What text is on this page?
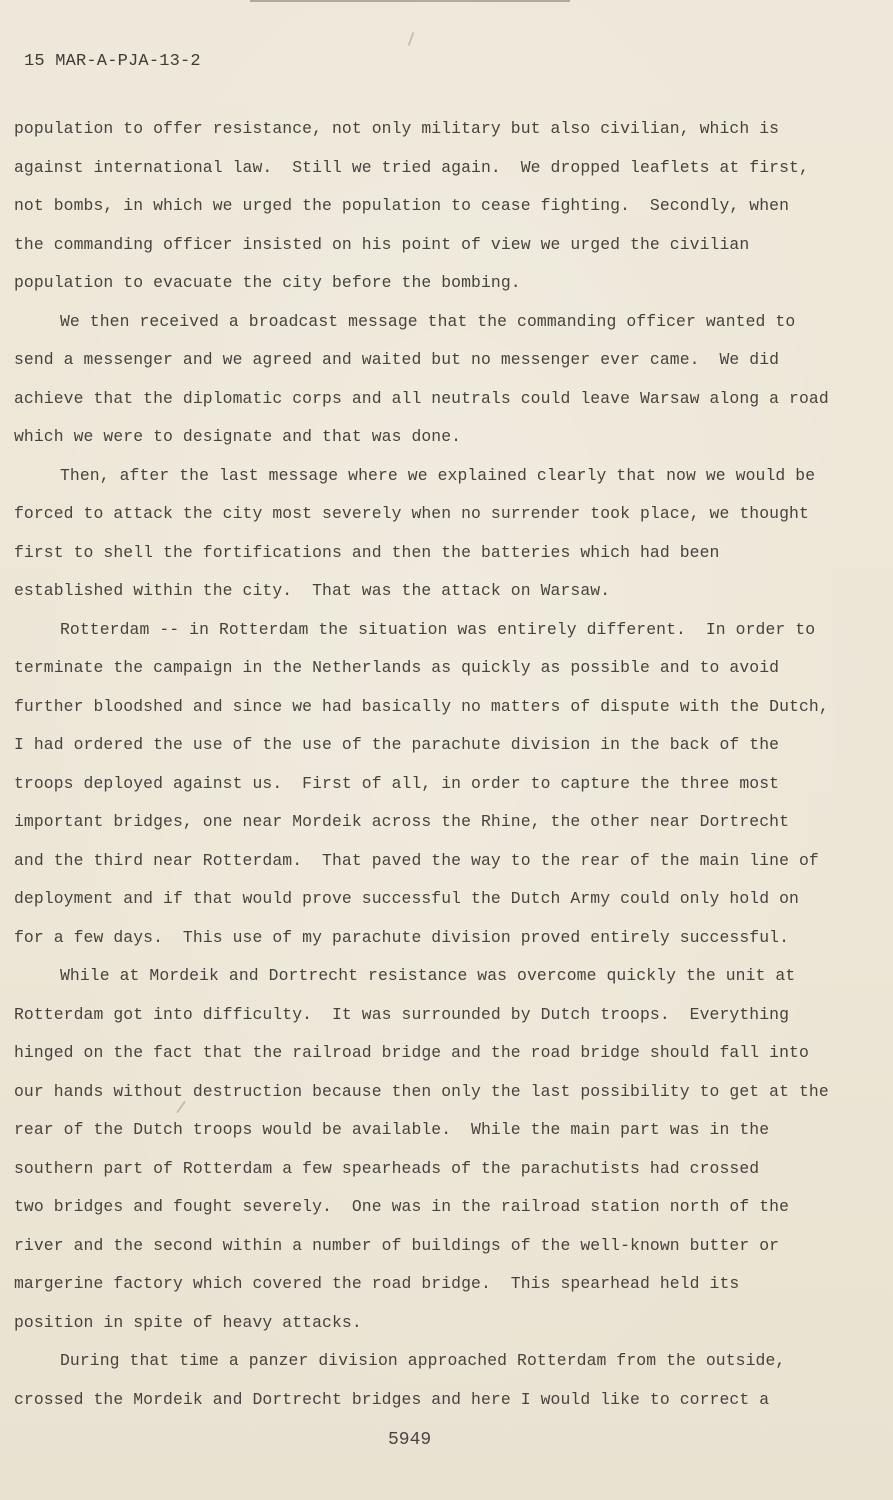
15 MAR-A-PJA-13-2
population to offer resistance, not only military but also civilian, which is
against international law.  Still we tried again.  We dropped leaflets at first,
not bombs, in which we urged the population to cease fighting.  Secondly, when
the commanding officer insisted on his point of view we urged the civilian
population to evacuate the city before the bombing.
We then received a broadcast message that the commanding officer wanted to
send a messenger and we agreed and waited but no messenger ever came.  We did
achieve that the diplomatic corps and all neutrals could leave Warsaw along a road
which we were to designate and that was done.
Then, after the last message where we explained clearly that now we would be
forced to attack the city most severely when no surrender took place, we thought
first to shell the fortifications and then the batteries which had been
established within the city.  That was the attack on Warsaw.
Rotterdam -- in Rotterdam the situation was entirely different.  In order to
terminate the campaign in the Netherlands as quickly as possible and to avoid
further bloodshed and since we had basically no matters of dispute with the Dutch,
I had ordered the use of the use of the parachute division in the back of the
troops deployed against us.  First of all, in order to capture the three most
important bridges, one near Mordeik across the Rhine, the other near Dortrecht
and the third near Rotterdam.  That paved the way to the rear of the main line of
deployment and if that would prove successful the Dutch Army could only hold on
for a few days.  This use of my parachute division proved entirely successful.
While at Mordeik and Dortrecht resistance was overcome quickly the unit at
Rotterdam got into difficulty.  It was surrounded by Dutch troops.  Everything
hinged on the fact that the railroad bridge and the road bridge should fall into
our hands without destruction because then only the last possibility to get at the
rear of the Dutch troops would be available.  While the main part was in the
southern part of Rotterdam a few spearheads of the parachutists had crossed
two bridges and fought severely.  One was in the railroad station north of the
river and the second within a number of buildings of the well-known butter or
margerine factory which covered the road bridge.  This spearhead held its
position in spite of heavy attacks.
During that time a panzer division approached Rotterdam from the outside,
crossed the Mordeik and Dortrecht bridges and here I would like to correct a
5949
